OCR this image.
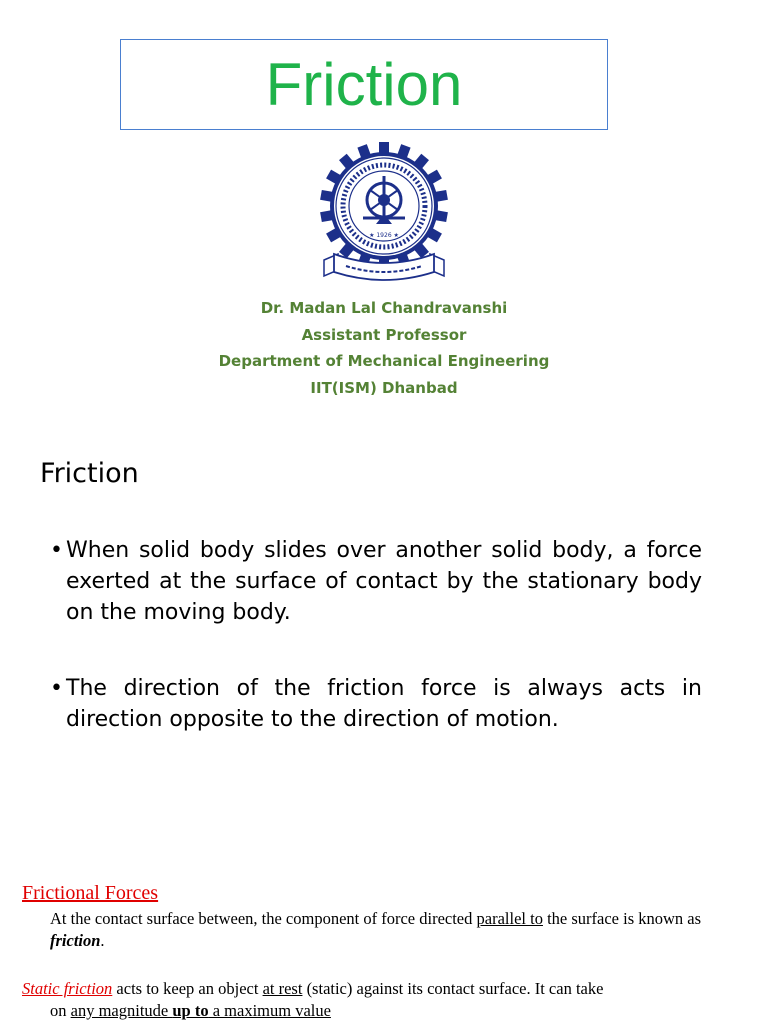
Friction
★ 1926 ★
Dr. Madan Lal Chandravanshi
Assistant Professor
Department of Mechanical Engineering
IIT(ISM) Dhanbad
Friction
• When solid body slides over another solid body, a force exerted at the surface of contact by the stationary body on the moving body.
• The direction of the friction force is always acts in direction opposite to the direction of motion.
Frictional Forces
At the contact surface between, the component of force directed parallel to the surface is known as friction.
Static friction acts to keep an object at rest (static) against its contact surface. It can take
on any magnitude up to a maximum value
